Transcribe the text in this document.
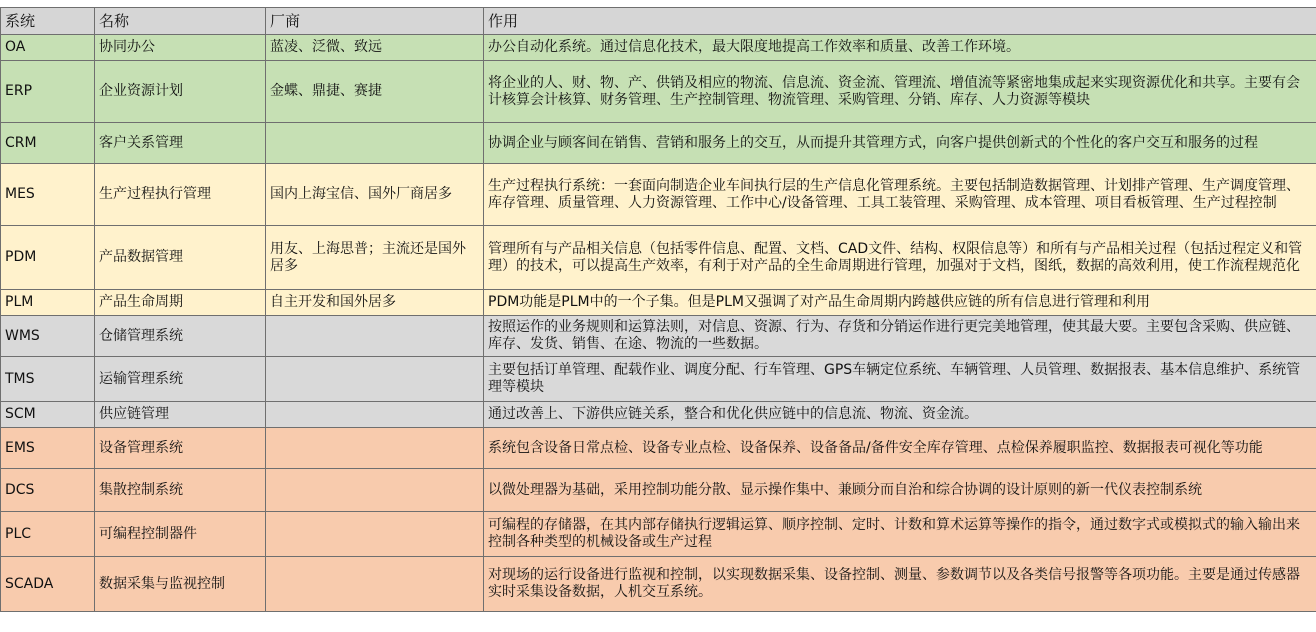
系统	名称	厂商	作用
OA	协同办公	蓝凌、泛微、致远	办公自动化系统。通过信息化技术，最大限度地提高工作效率和质量、改善工作环境。
ERP	企业资源计划	金蝶、鼎捷、赛捷	将企业的人、财、物、产、供销及相应的物流、信息流、资金流、管理流、增值流等紧密地集成起来实现资源优化和共享。主要有会计核算会计核算、财务管理、生产控制管理、物流管理、采购管理、分销、库存、人力资源等模块
CRM	客户关系管理		协调企业与顾客间在销售、营销和服务上的交互，从而提升其管理方式，向客户提供创新式的个性化的客户交互和服务的过程
MES	生产过程执行管理	国内上海宝信、国外厂商居多	生产过程执行系统：一套面向制造企业车间执行层的生产信息化管理系统。主要包括制造数据管理、计划排产管理、生产调度管理、库存管理、质量管理、人力资源管理、工作中心/设备管理、工具工装管理、采购管理、成本管理、项目看板管理、生产过程控制
PDM	产品数据管理	用友、上海思普；主流还是国外居多	管理所有与产品相关信息（包括零件信息、配置、文档、CAD文件、结构、权限信息等）和所有与产品相关过程（包括过程定义和管理）的技术，可以提高生产效率，有利于对产品的全生命周期进行管理，加强对于文档，图纸，数据的高效利用，使工作流程规范化
PLM	产品生命周期	自主开发和国外居多	PDM功能是PLM中的一个子集。但是PLM又强调了对产品生命周期内跨越供应链的所有信息进行管理和利用
WMS	仓储管理系统		按照运作的业务规则和运算法则，对信息、资源、行为、存货和分销运作进行更完美地管理，使其最大要。主要包含采购、供应链、库存、发货、销售、在途、物流的一些数据。
TMS	运输管理系统		主要包括订单管理、配载作业、调度分配、行车管理、GPS车辆定位系统、车辆管理、人员管理、数据报表、基本信息维护、系统管理等模块
SCM	供应链管理		通过改善上、下游供应链关系，整合和优化供应链中的信息流、物流、资金流。
EMS	设备管理系统		系统包含设备日常点检、设备专业点检、设备保养、设备备品/备件安全库存管理、点检保养履职监控、数据报表可视化等功能
DCS	集散控制系统		以微处理器为基础，采用控制功能分散、显示操作集中、兼顾分而自治和综合协调的设计原则的新一代仪表控制系统
PLC	可编程控制器件		可编程的存储器，在其内部存储执行逻辑运算、顺序控制、定时、计数和算术运算等操作的指令，通过数字式或模拟式的输入输出来控制各种类型的机械设备或生产过程
SCADA	数据采集与监视控制		对现场的运行设备进行监视和控制，以实现数据采集、设备控制、测量、参数调节以及各类信号报警等各项功能。主要是通过传感器实时采集设备数据，人机交互系统。
